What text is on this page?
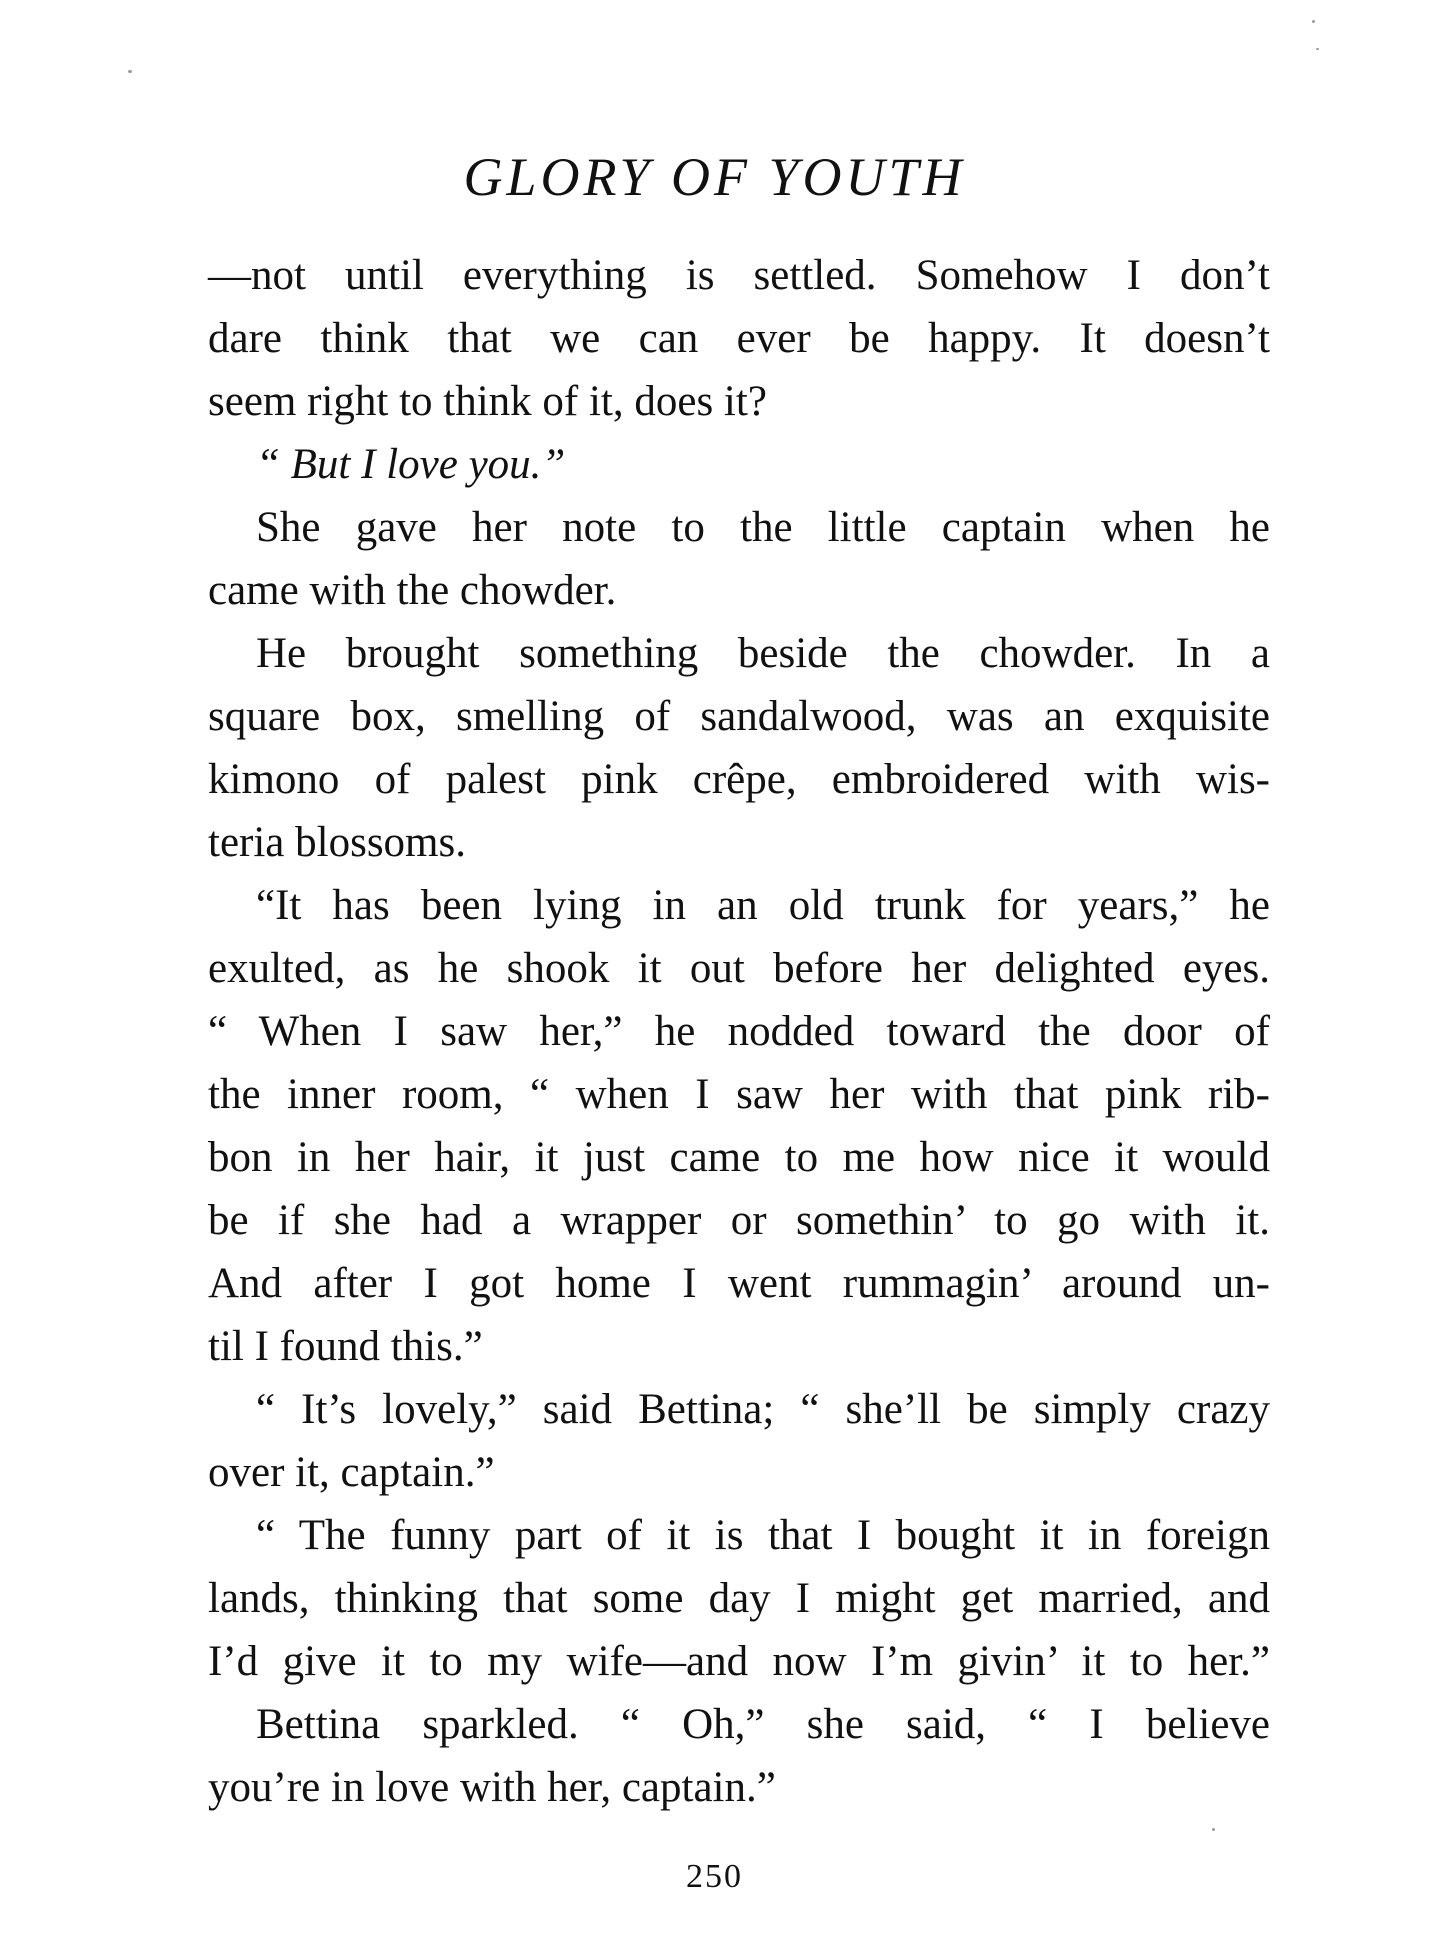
GLORY OF YOUTH
—not until everything is settled. Somehow I don’t
dare think that we can ever be happy. It doesn’t
seem right to think of it, does it?
“ But I love you.”
She gave her note to the little captain when he
came with the chowder.
He brought something beside the chowder. In a
square box, smelling of sandalwood, was an exquisite
kimono of palest pink crêpe, embroidered with wis-
teria blossoms.
“It has been lying in an old trunk for years,” he
exulted, as he shook it out before her delighted eyes.
“ When I saw her,” he nodded toward the door of
the inner room, “ when I saw her with that pink rib-
bon in her hair, it just came to me how nice it would
be if she had a wrapper or somethin’ to go with it.
And after I got home I went rummagin’ around un-
til I found this.”
“ It’s lovely,” said Bettina; “ she’ll be simply crazy
over it, captain.”
“ The funny part of it is that I bought it in foreign
lands, thinking that some day I might get married, and
I’d give it to my wife—and now I’m givin’ it to her.”
Bettina sparkled. “ Oh,” she said, “ I believe
you’re in love with her, captain.”
250
